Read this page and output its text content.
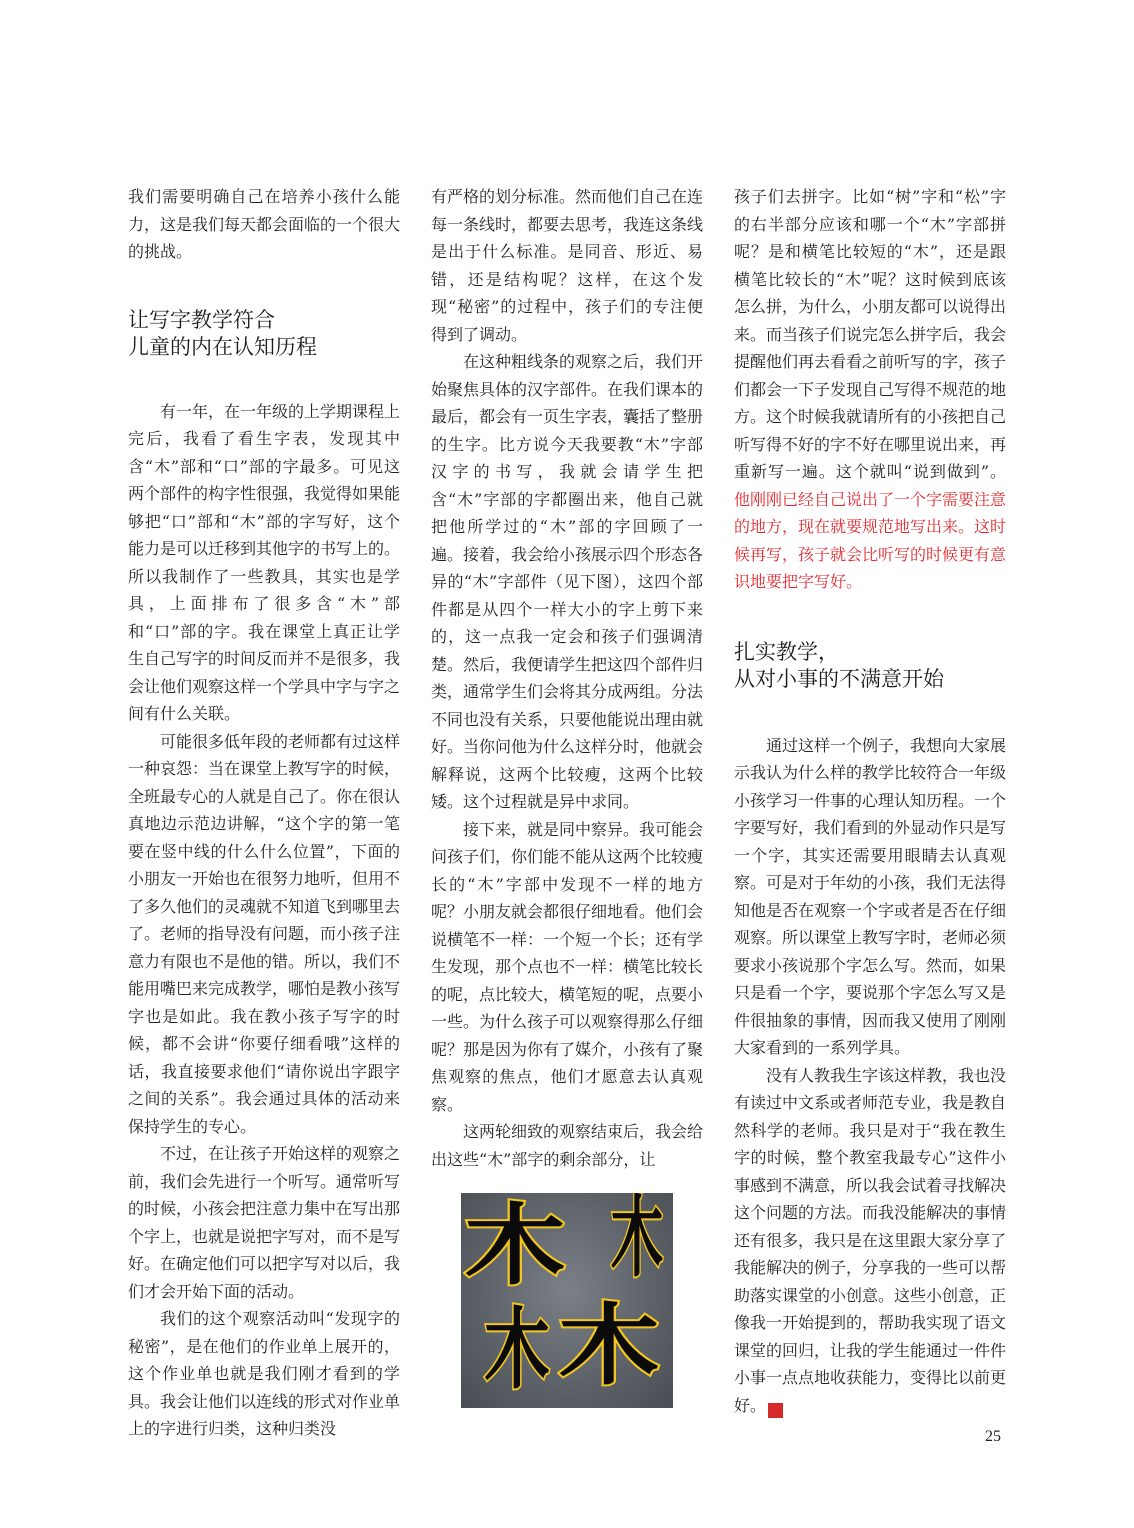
我们需要明确自己在培养小孩什么能力，这是我们每天都会面临的一个很大的挑战。

让写字教学符合
儿童的内在认知历程

有一年，在一年级的上学期课程上完后，我看了看生字表，发现其中含“木”部和“口”部的字最多。可见这两个部件的构字性很强，我觉得如果能够把“口”部和“木”部的字写好，这个能力是可以迁移到其他字的书写上的。所以我制作了一些教具，其实也是学具，上面排布了很多含“木”部和“口”部的字。我在课堂上真正让学生自己写字的时间反而并不是很多，我会让他们观察这样一个学具中字与字之间有什么关联。

可能很多低年段的老师都有过这样一种哀怨：当在课堂上教写字的时候，全班最专心的人就是自己了。你在很认真地边示范边讲解，“这个字的第一笔要在竖中线的什么什么位置”，下面的小朋友一开始也在很努力地听，但用不了多久他们的灵魂就不知道飞到哪里去了。老师的指导没有问题，而小孩子注意力有限也不是他的错。所以，我们不能用嘴巴来完成教学，哪怕是教小孩写字也是如此。我在教小孩子写字的时候，都不会讲“你要仔细看哦”这样的话，我直接要求他们“请你说出字跟字之间的关系”。我会通过具体的活动来保持学生的专心。

不过，在让孩子开始这样的观察之前，我们会先进行一个听写。通常听写的时候，小孩会把注意力集中在写出那个字上，也就是说把字写对，而不是写好。在确定他们可以把字写对以后，我们才会开始下面的活动。

我们的这个观察活动叫“发现字的秘密”，是在他们的作业单上展开的，这个作业单也就是我们刚才看到的学具。我会让他们以连线的形式对作业单上的字进行归类，这种归类没

有严格的划分标准。然而他们自己在连每一条线时，都要去思考，我连这条线是出于什么标准。是同音、形近、易错，还是结构呢？这样，在这个发现“秘密”的过程中，孩子们的专注便得到了调动。

在这种粗线条的观察之后，我们开始聚焦具体的汉字部件。在我们课本的最后，都会有一页生字表，囊括了整册的生字。比方说今天我要教“木”字部汉字的书写，我就会请学生把含“木”字部的字都圈出来，他自己就把他所学过的“木”部的字回顾了一遍。接着，我会给小孩展示四个形态各异的“木”字部件（见下图），这四个部件都是从四个一样大小的字上剪下来的，这一点我一定会和孩子们强调清楚。然后，我便请学生把这四个部件归类，通常学生们会将其分成两组。分法不同也没有关系，只要他能说出理由就好。当你问他为什么这样分时，他就会解释说，这两个比较瘦，这两个比较矮。这个过程就是异中求同。

接下来，就是同中察异。我可能会问孩子们，你们能不能从这两个比较瘦长的“木”字部中发现不一样的地方呢？小朋友就会都很仔细地看。他们会说横笔不一样：一个短一个长；还有学生发现，那个点也不一样：横笔比较长的呢，点比较大，横笔短的呢，点要小一些。为什么孩子可以观察得那么仔细呢？那是因为你有了媒介，小孩有了聚焦观察的焦点，他们才愿意去认真观察。

这两轮细致的观察结束后，我会给出这些“木”部字的剩余部分，让

木 木
木 木

孩子们去拼字。比如“树”字和“松”字的右半部分应该和哪一个“木”字部拼呢？是和横笔比较短的“木”，还是跟横笔比较长的“木”呢？这时候到底该怎么拼，为什么，小朋友都可以说得出来。而当孩子们说完怎么拼字后，我会提醒他们再去看看之前听写的字，孩子们都会一下子发现自己写得不规范的地方。这个时候我就请所有的小孩把自己听写得不好的字不好在哪里说出来，再重新写一遍。这个就叫“说到做到”。他刚刚已经自己说出了一个字需要注意的地方，现在就要规范地写出来。这时候再写，孩子就会比听写的时候更有意识地要把字写好。

扎实教学，
从对小事的不满意开始

通过这样一个例子，我想向大家展示我认为什么样的教学比较符合一年级小孩学习一件事的心理认知历程。一个字要写好，我们看到的外显动作只是写一个字，其实还需要用眼睛去认真观察。可是对于年幼的小孩，我们无法得知他是否在观察一个字或者是否在仔细观察。所以课堂上教写字时，老师必须要求小孩说那个字怎么写。然而，如果只是看一个字，要说那个字怎么写又是件很抽象的事情，因而我又使用了刚刚大家看到的一系列学具。

没有人教我生字该这样教，我也没有读过中文系或者师范专业，我是教自然科学的老师。我只是对于“我在教生字的时候，整个教室我最专心”这件小事感到不满意，所以我会试着寻找解决这个问题的方法。而我没能解决的事情还有很多，我只是在这里跟大家分享了我能解决的例子，分享我的一些可以帮助落实课堂的小创意。这些小创意，正像我一开始提到的，帮助我实现了语文课堂的回归，让我的学生能通过一件件小事一点点地收获能力，变得比以前更好。	家

25
